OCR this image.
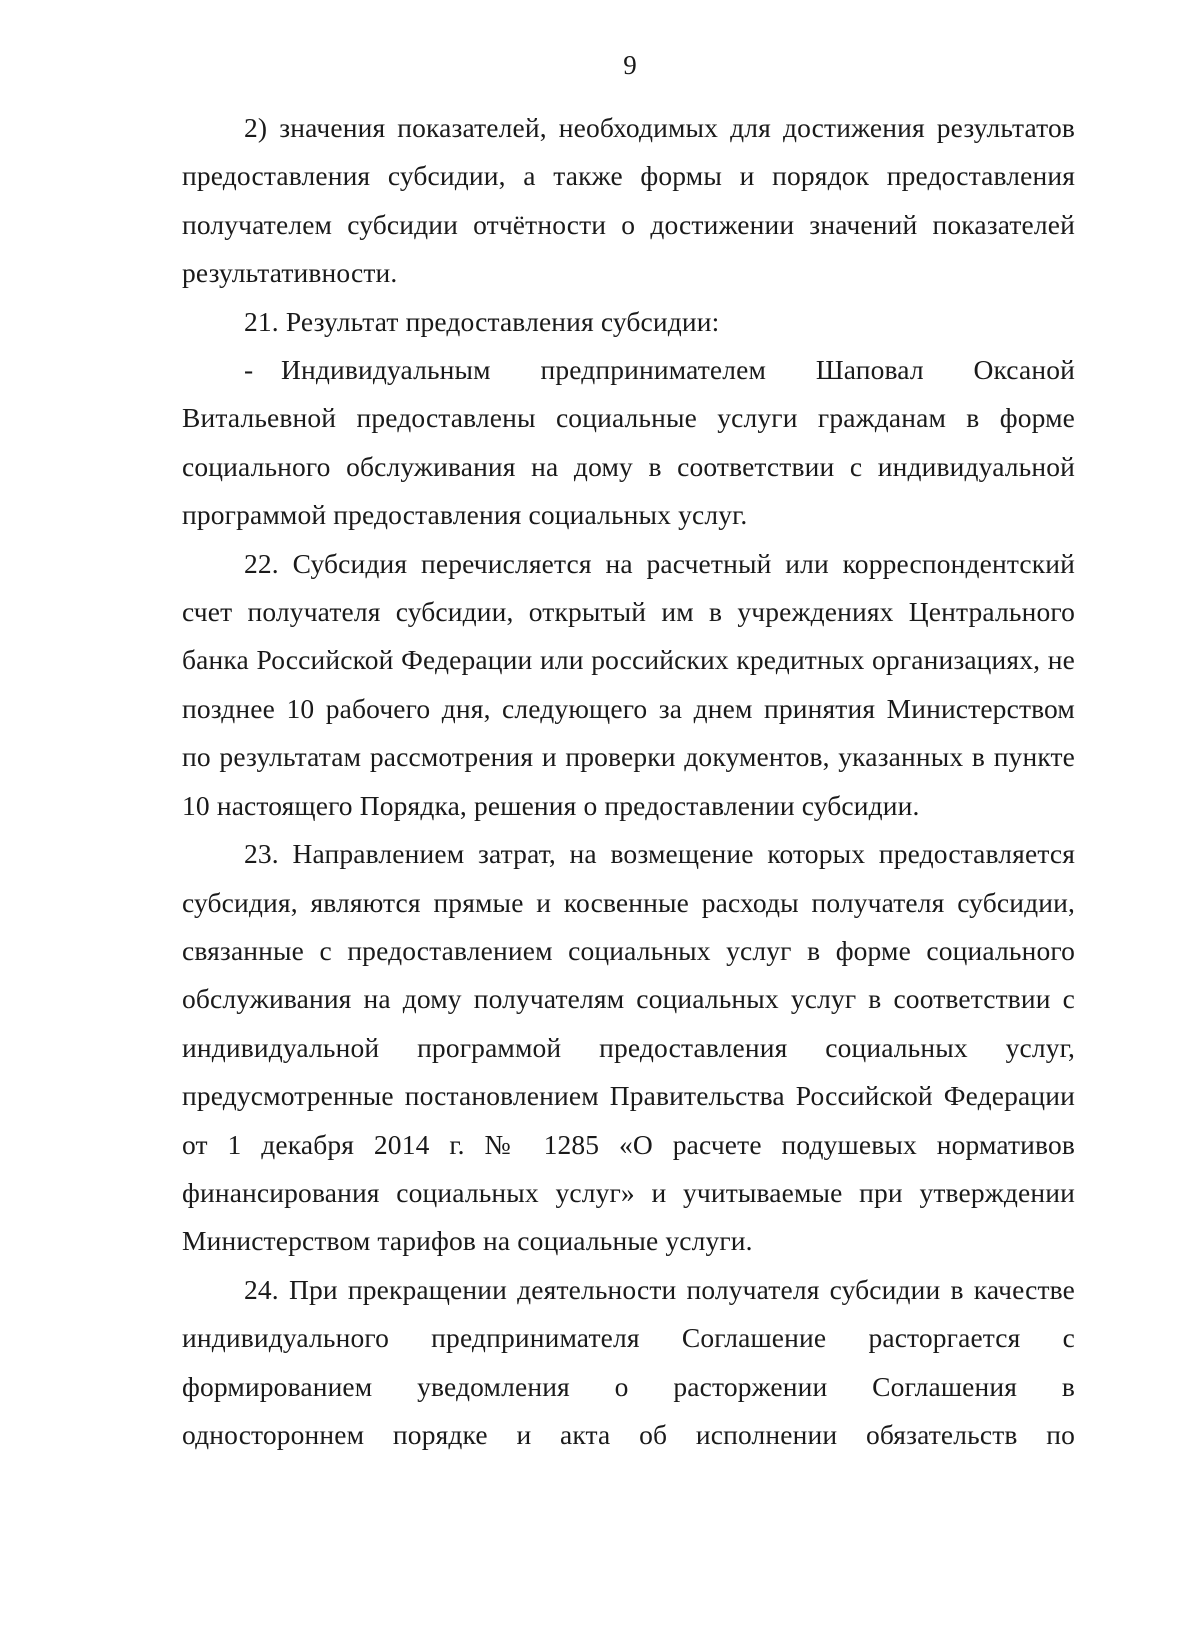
9

2) значения показателей, необходимых для достижения результатов предоставления субсидии, а также формы и порядок предоставления получателем субсидии отчётности о достижении значений показателей результативности.

21. Результат предоставления субсидии:

- Индивидуальным предпринимателем Шаповал Оксаной Витальевной предоставлены социальные услуги гражданам в форме социального обслуживания на дому в соответствии с индивидуальной программой предоставления социальных услуг.

22. Субсидия перечисляется на расчетный или корреспондентский счет получателя субсидии, открытый им в учреждениях Центрального банка Российской Федерации или российских кредитных организациях, не позднее 10 рабочего дня, следующего за днем принятия Министерством по результатам рассмотрения и проверки документов, указанных в пункте 10 настоящего Порядка, решения о предоставлении субсидии.

23. Направлением затрат, на возмещение которых предоставляется субсидия, являются прямые и косвенные расходы получателя субсидии, связанные с предоставлением социальных услуг в форме социального обслуживания на дому получателям социальных услуг в соответствии с индивидуальной программой предоставления социальных услуг, предусмотренные постановлением Правительства Российской Федерации от 1 декабря 2014 г. № 1285 «О расчете подушевых нормативов финансирования социальных услуг» и учитываемые при утверждении Министерством тарифов на социальные услуги.

24. При прекращении деятельности получателя субсидии в качестве индивидуального предпринимателя Соглашение расторгается с формированием уведомления о расторжении Соглашения в одностороннем порядке и акта об исполнении обязательств по
